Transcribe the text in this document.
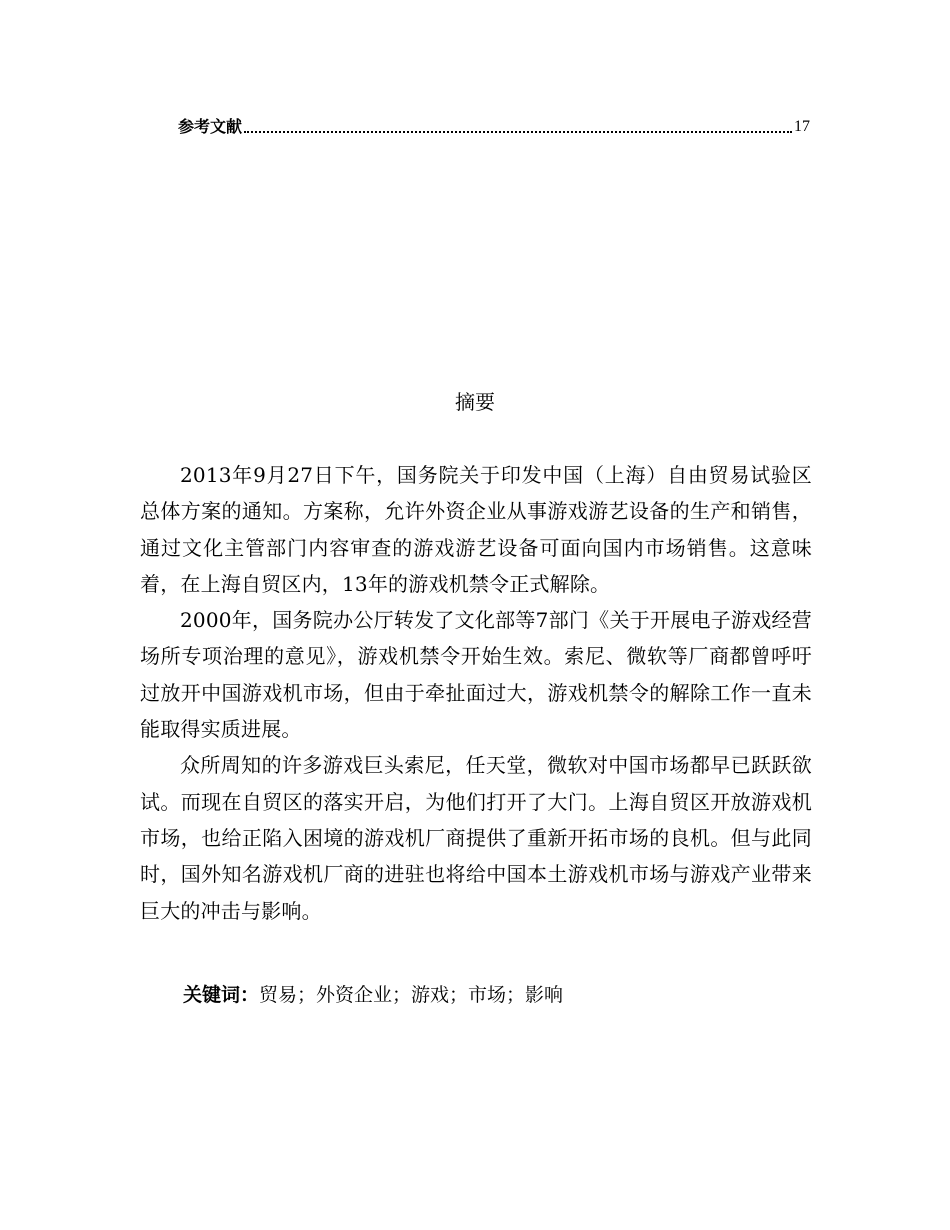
参考文献	17
摘要

2013年9月27日下午，国务院关于印发中国（上海）自由贸易试验区总体方案的通知。方案称，允许外资企业从事游戏游艺设备的生产和销售，通过文化主管部门内容审查的游戏游艺设备可面向国内市场销售。这意味着，在上海自贸区内，13年的游戏机禁令正式解除。

2000年，国务院办公厅转发了文化部等7部门《关于开展电子游戏经营场所专项治理的意见》，游戏机禁令开始生效。索尼、微软等厂商都曾呼吁过放开中国游戏机市场，但由于牵扯面过大，游戏机禁令的解除工作一直未能取得实质进展。

众所周知的许多游戏巨头索尼，任天堂，微软对中国市场都早已跃跃欲试。而现在自贸区的落实开启，为他们打开了大门。上海自贸区开放游戏机市场，也给正陷入困境的游戏机厂商提供了重新开拓市场的良机。但与此同时，国外知名游戏机厂商的进驻也将给中国本土游戏机市场与游戏产业带来巨大的冲击与影响。

关键词：贸易；外资企业；游戏；市场；影响
